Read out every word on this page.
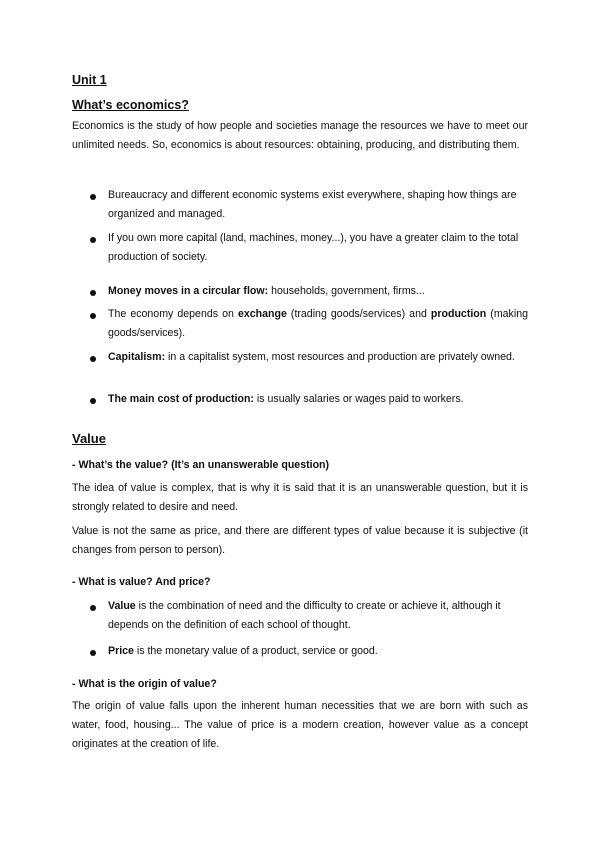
Unit 1
What’s economics?
Economics is the study of how people and societies manage the resources we have to meet our unlimited needs. So, economics is about resources: obtaining, producing, and distributing them.
Bureaucracy and different economic systems exist everywhere, shaping how things are organized and managed.
If you own more capital (land, machines, money...), you have a greater claim to the total production of society.
Money moves in a circular flow: households, government, firms...
The economy depends on exchange (trading goods/services) and production (making goods/services).
Capitalism: in a capitalist system, most resources and production are privately owned.
The main cost of production: is usually salaries or wages paid to workers.
Value
- What’s the value? (It’s an unanswerable question)
The idea of value is complex, that is why it is said that it is an unanswerable question, but it is strongly related to desire and need.
Value is not the same as price, and there are different types of value because it is subjective (it changes from person to person).
- What is value? And price?
Value is the combination of need and the difficulty to create or achieve it, although it depends on the definition of each school of thought.
Price is the monetary value of a product, service or good.
- What is the origin of value?
The origin of value falls upon the inherent human necessities that we are born with such as water, food, housing... The value of price is a modern creation, however value as a concept originates at the creation of life.
